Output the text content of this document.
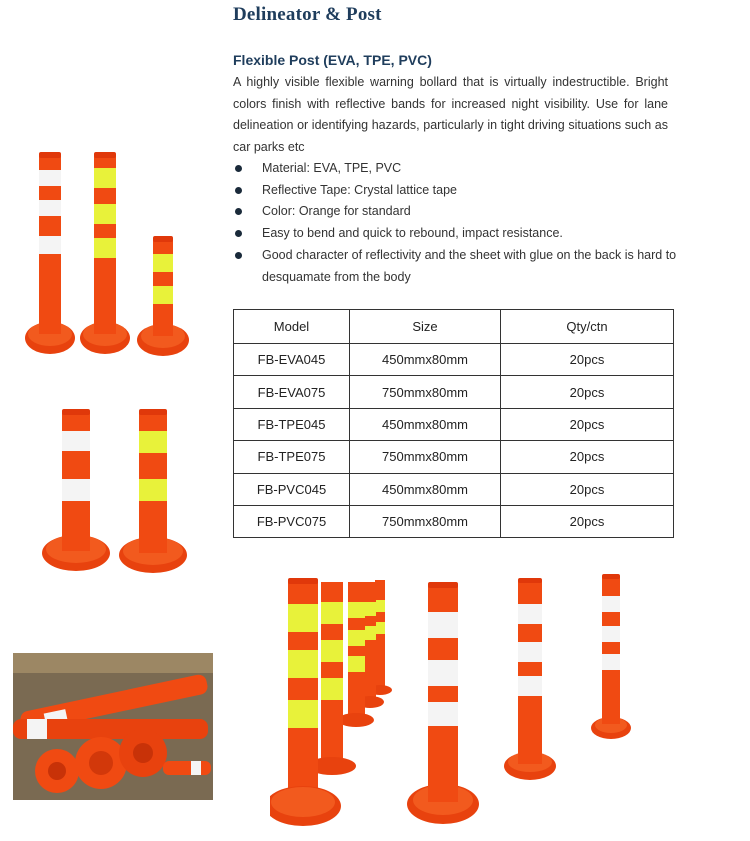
Delineator & Post
Flexible Post (EVA, TPE, PVC)
A highly visible flexible warning bollard that is virtually indestructible. Bright colors finish with reflective bands for increased night visibility. Use for lane delineation or identifying hazards, particularly in tight driving situations such as car parks etc
Material: EVA, TPE, PVC
Reflective Tape: Crystal lattice tape
Color: Orange for standard
Easy to bend and quick to rebound, impact resistance.
Good character of reflectivity and the sheet with glue on the back is hard to desquamate from the body
Model	Size	Qty/ctn
FB-EVA045	450mmx80mm	20pcs
FB-EVA075	750mmx80mm	20pcs
FB-TPE045	450mmx80mm	20pcs
FB-TPE075	750mmx80mm	20pcs
FB-PVC045	450mmx80mm	20pcs
FB-PVC075	750mmx80mm	20pcs
